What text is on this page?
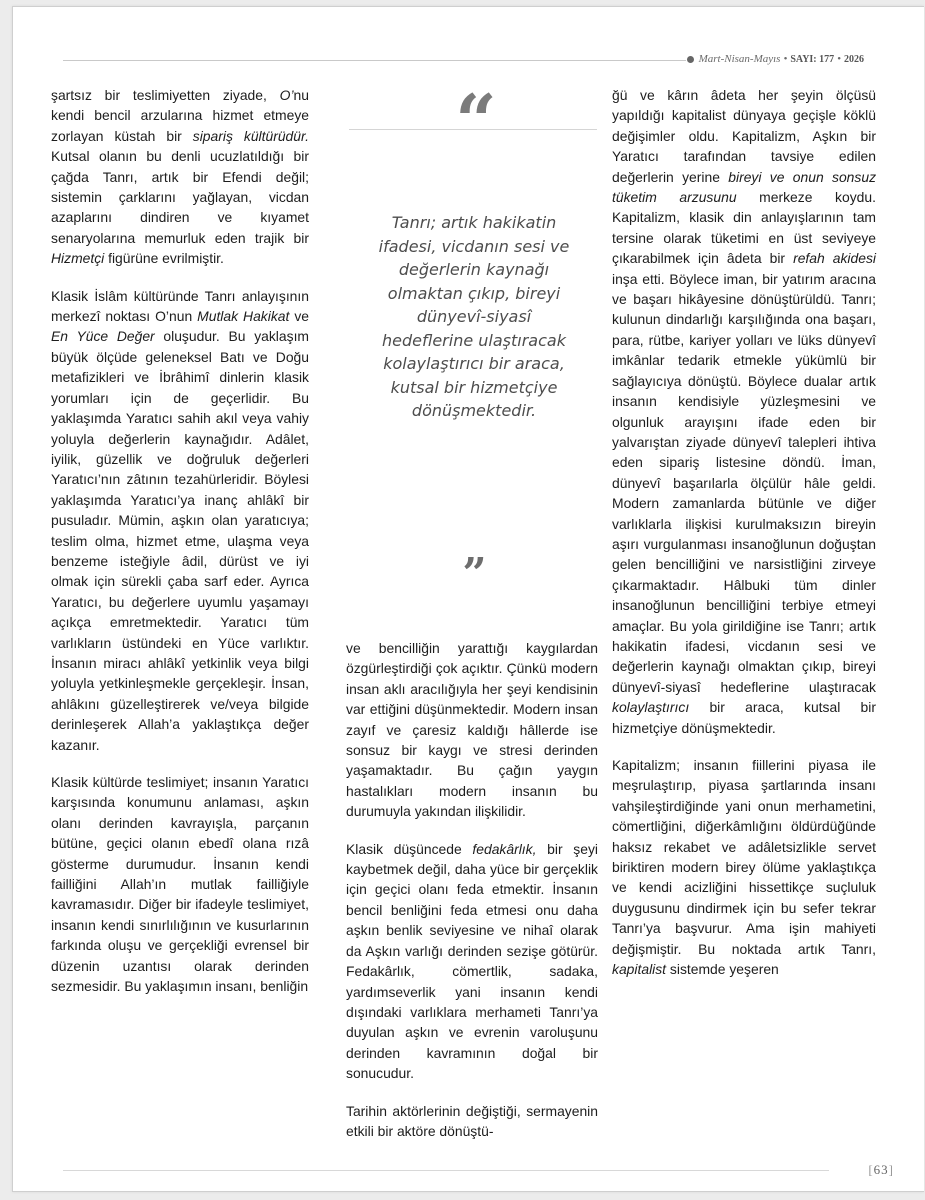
Mart-Nisan-Mayıs • SAYI: 177 • 2026

şartsız bir teslimiyetten ziyade, O’nu kendi bencil arzularına hizmet etmeye zorlayan küstah bir sipariş kültürüdür. Kutsal olanın bu denli ucuzlatıldığı bir çağda Tanrı, artık bir Efendi değil; sistemin çarklarını yağlayan, vicdan azaplarını dindiren ve kıyamet senaryolarına memurluk eden trajik bir Hizmetçi figürüne evrilmiştir.

Klasik İslâm kültüründe Tanrı anlayışının merkezî noktası O’nun Mutlak Hakikat ve En Yüce Değer oluşudur. Bu yaklaşım büyük ölçüde geleneksel Batı ve Doğu metafizikleri ve İbrâhimî dinlerin klasik yorumları için de geçerlidir. Bu yaklaşımda Yaratıcı sahih akıl veya vahiy yoluyla değerlerin kaynağıdır. Adâlet, iyilik, güzellik ve doğruluk değerleri Yaratıcı’nın zâtının tezahürleridir. Böylesi yaklaşımda Yaratıcı’ya inanç ahlâkî bir pusuladır. Mümin, aşkın olan yaratıcıya; teslim olma, hizmet etme, ulaşma veya benzeme isteğiyle âdil, dürüst ve iyi olmak için sürekli çaba sarf eder. Ayrıca Yaratıcı, bu değerlere uyumlu yaşamayı açıkça emretmektedir. Yaratıcı tüm varlıkların üstündeki en Yüce varlıktır. İnsanın miracı ahlâkî yetkinlik veya bilgi yoluyla yetkinleşmekle gerçekleşir. İnsan, ahlâkını güzelleştirerek ve/veya bilgide derinleşerek Allah’a yaklaştıkça değer kazanır.

Klasik kültürde teslimiyet; insanın Yaratıcı karşısında konumunu anlaması, aşkın olanı derinden kavrayışla, parçanın bütüne, geçici olanın ebedî olana rızâ gösterme durumudur. İnsanın kendi failliğini Allah’ın mutlak failliğiyle kavramasıdır. Diğer bir ifadeyle teslimiyet, insanın kendi sınırlılığının ve kusurlarının farkında oluşu ve gerçekliği evrensel bir düzenin uzantısı olarak derinden sezmesidir. Bu yaklaşımın insanı, benliğin

“
Tanrı; artık hakikatin ifadesi, vicdanın sesi ve değerlerin kaynağı olmaktan çıkıp, bireyi dünyevî-siyasî hedeflerine ulaştıracak kolaylaştırıcı bir araca, kutsal bir hizmetçiye dönüşmektedir.
”

ve bencilliğin yarattığı kaygılardan özgürleştirdiği çok açıktır. Çünkü modern insan aklı aracılığıyla her şeyi kendisinin var ettiğini düşünmektedir. Modern insan zayıf ve çaresiz kaldığı hâllerde ise sonsuz bir kaygı ve stresi derinden yaşamaktadır. Bu çağın yaygın hastalıkları modern insanın bu durumuyla yakından ilişkilidir.

Klasik düşüncede fedakârlık, bir şeyi kaybetmek değil, daha yüce bir gerçeklik için geçici olanı feda etmektir. İnsanın bencil benliğini feda etmesi onu daha aşkın benlik seviyesine ve nihaî olarak da Aşkın varlığı derinden sezişe götürür. Fedakârlık, cömertlik, sadaka, yardımseverlik yani insanın kendi dışındaki varlıklara merhameti Tanrı’ya duyulan aşkın ve evrenin varoluşunu derinden kavramının doğal bir sonucudur.

Tarihin aktörlerinin değiştiği, sermayenin etkili bir aktöre dönüştü-

ğü ve kârın âdeta her şeyin ölçüsü yapıldığı kapitalist dünyaya geçişle köklü değişimler oldu. Kapitalizm, Aşkın bir Yaratıcı tarafından tavsiye edilen değerlerin yerine bireyi ve onun sonsuz tüketim arzusunu merkeze koydu. Kapitalizm, klasik din anlayışlarının tam tersine olarak tüketimi en üst seviyeye çıkarabilmek için âdeta bir refah akidesi inşa etti. Böylece iman, bir yatırım aracına ve başarı hikâyesine dönüştürüldü. Tanrı; kulunun dindarlığı karşılığında ona başarı, para, rütbe, kariyer yolları ve lüks dünyevî imkânlar tedarik etmekle yükümlü bir sağlayıcıya dönüştü. Böylece dualar artık insanın kendisiyle yüzleşmesini ve olgunluk arayışını ifade eden bir yalvarıştan ziyade dünyevî talepleri ihtiva eden sipariş listesine döndü. İman, dünyevî başarılarla ölçülür hâle geldi. Modern zamanlarda bütünle ve diğer varlıklarla ilişkisi kurulmaksızın bireyin aşırı vurgulanması insanoğlunun doğuştan gelen bencilliğini ve narsistliğini zirveye çıkarmaktadır. Hâlbuki tüm dinler insanoğlunun bencilliğini terbiye etmeyi amaçlar. Bu yola girildiğine ise Tanrı; artık hakikatin ifadesi, vicdanın sesi ve değerlerin kaynağı olmaktan çıkıp, bireyi dünyevî-siyasî hedeflerine ulaştıracak kolaylaştırıcı bir araca, kutsal bir hizmetçiye dönüşmektedir.

Kapitalizm; insanın fiillerini piyasa ile meşrulaştırıp, piyasa şartlarında insanı vahşileştirdiğinde yani onun merhametini, cömertliğini, diğerkâmlığını öldürdüğünde haksız rekabet ve adâletsizlikle servet biriktiren modern birey ölüme yaklaştıkça ve kendi acizliğini hissettikçe suçluluk duygusunu dindirmek için bu sefer tekrar Tanrı’ya başvurur. Ama işin mahiyeti değişmiştir. Bu noktada artık Tanrı, kapitalist sistemde yeşeren

[63]
